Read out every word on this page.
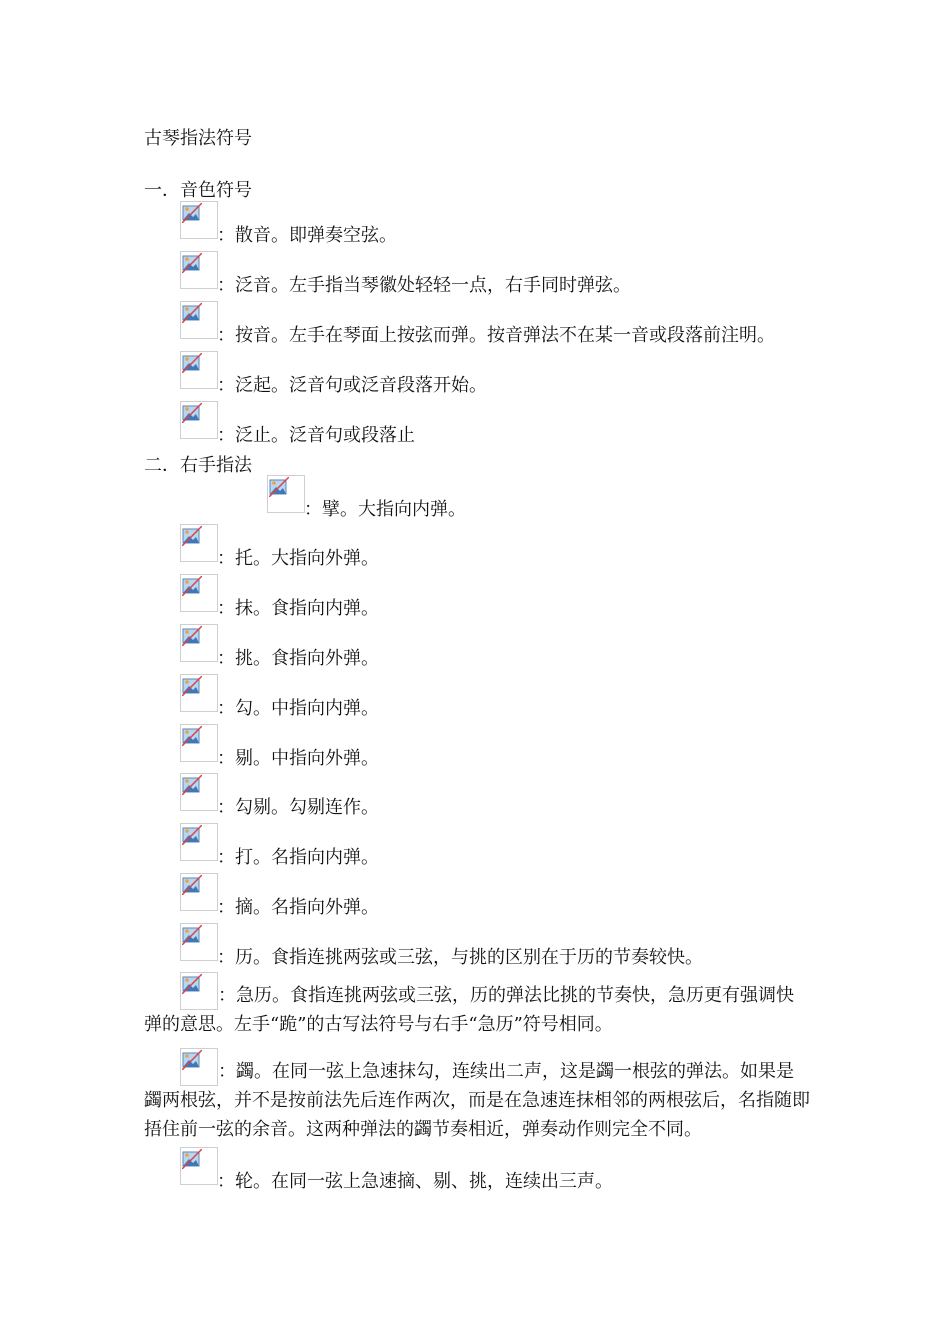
古琴指法符号
一．音色符号
：散音。即弹奏空弦。
：泛音。左手指当琴徽处轻轻一点，右手同时弹弦。
：按音。左手在琴面上按弦而弹。按音弹法不在某一音或段落前注明。
：泛起。泛音句或泛音段落开始。
：泛止。泛音句或段落止
二．右手指法
：擘。大指向内弹。
：托。大指向外弹。
：抹。食指向内弹。
：挑。食指向外弹。
：勾。中指向内弹。
：剔。中指向外弹。
：勾剔。勾剔连作。
：打。名指向内弹。
：摘。名指向外弹。
：历。食指连挑两弦或三弦，与挑的区别在于历的节奏较快。
：急历。食指连挑两弦或三弦，历的弹法比挑的节奏快，急历更有强调快
弹的意思。左手“跪”的古写法符号与右手“急历”符号相同。
：蠲。在同一弦上急速抹勾，连续出二声，这是蠲一根弦的弹法。如果是
蠲两根弦，并不是按前法先后连作两次，而是在急速连抹相邻的两根弦后，名指随即捂住前一弦的余音。这两种弹法的蠲节奏相近，弹奏动作则完全不同。
：轮。在同一弦上急速摘、剔、挑，连续出三声。
